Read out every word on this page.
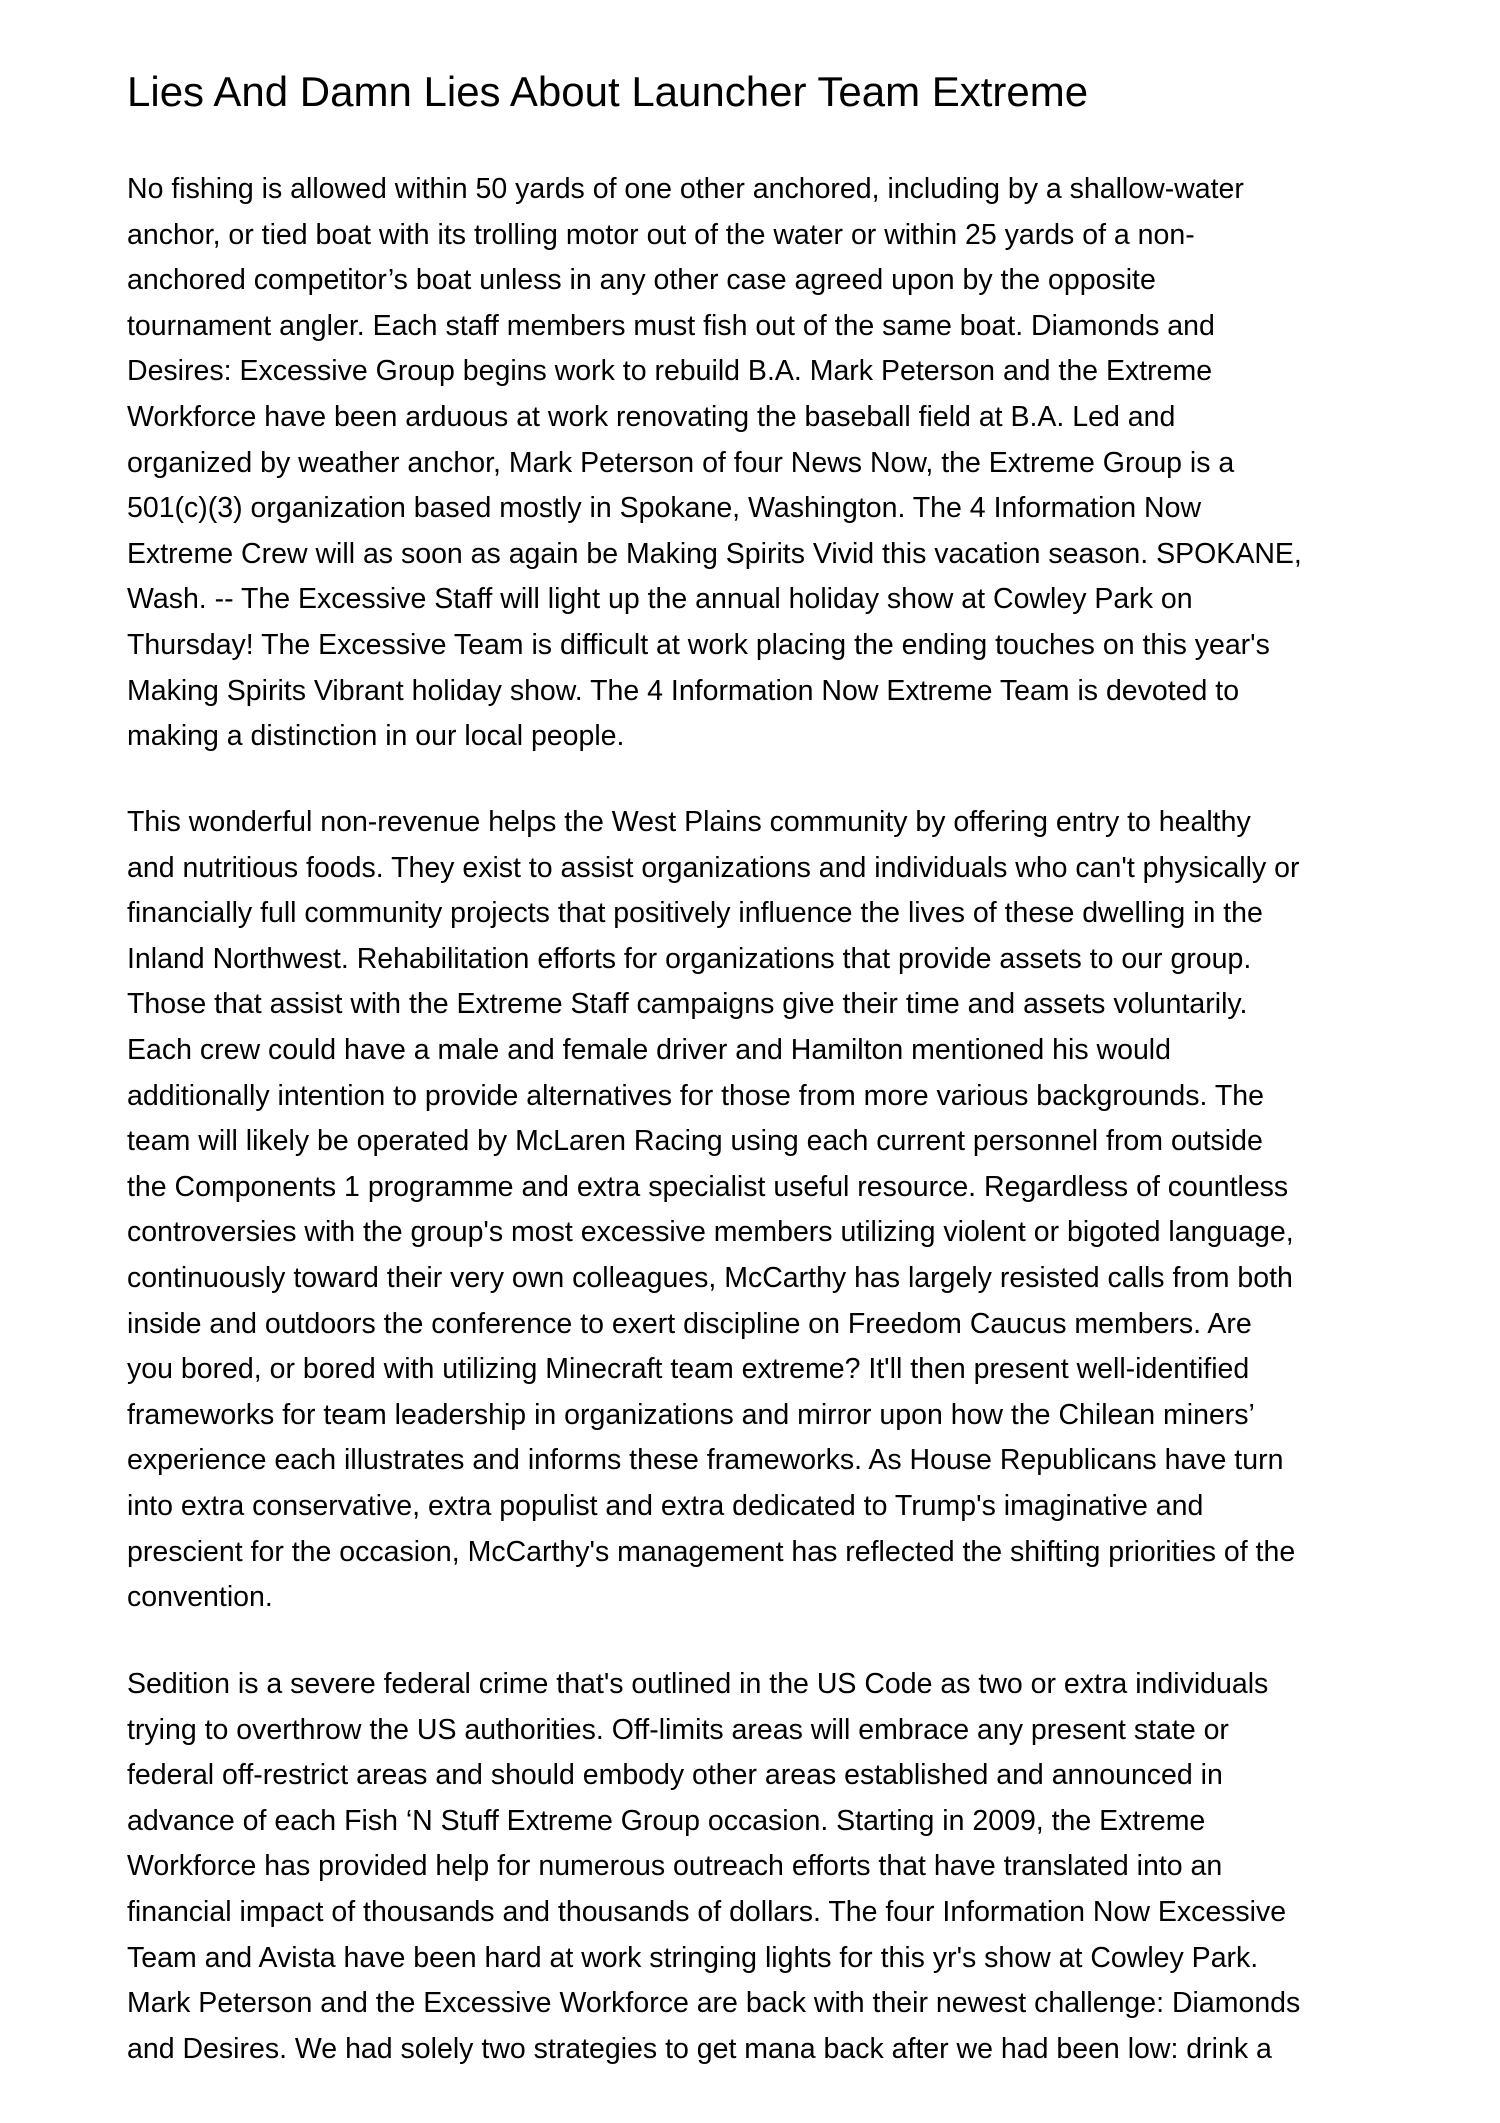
Lies And Damn Lies About Launcher Team Extreme

No fishing is allowed within 50 yards of one other anchored, including by a shallow-water
anchor, or tied boat with its trolling motor out of the water or within 25 yards of a non-
anchored competitor’s boat unless in any other case agreed upon by the opposite
tournament angler. Each staff members must fish out of the same boat. Diamonds and
Desires: Excessive Group begins work to rebuild B.A. Mark Peterson and the Extreme
Workforce have been arduous at work renovating the baseball field at B.A. Led and
organized by weather anchor, Mark Peterson of four News Now, the Extreme Group is a
501(c)(3) organization based mostly in Spokane, Washington. The 4 Information Now
Extreme Crew will as soon as again be Making Spirits Vivid this vacation season. SPOKANE,
Wash. -- The Excessive Staff will light up the annual holiday show at Cowley Park on
Thursday! The Excessive Team is difficult at work placing the ending touches on this year's
Making Spirits Vibrant holiday show. The 4 Information Now Extreme Team is devoted to
making a distinction in our local people.

This wonderful non-revenue helps the West Plains community by offering entry to healthy
and nutritious foods. They exist to assist organizations and individuals who can't physically or
financially full community projects that positively influence the lives of these dwelling in the
Inland Northwest. Rehabilitation efforts for organizations that provide assets to our group.
Those that assist with the Extreme Staff campaigns give their time and assets voluntarily.
Each crew could have a male and female driver and Hamilton mentioned his would
additionally intention to provide alternatives for those from more various backgrounds. The
team will likely be operated by McLaren Racing using each current personnel from outside
the Components 1 programme and extra specialist useful resource. Regardless of countless
controversies with the group's most excessive members utilizing violent or bigoted language,
continuously toward their very own colleagues, McCarthy has largely resisted calls from both
inside and outdoors the conference to exert discipline on Freedom Caucus members. Are
you bored, or bored with utilizing Minecraft team extreme? It'll then present well-identified
frameworks for team leadership in organizations and mirror upon how the Chilean miners’
experience each illustrates and informs these frameworks. As House Republicans have turn
into extra conservative, extra populist and extra dedicated to Trump's imaginative and
prescient for the occasion, McCarthy's management has reflected the shifting priorities of the
convention.

Sedition is a severe federal crime that's outlined in the US Code as two or extra individuals
trying to overthrow the US authorities. Off-limits areas will embrace any present state or
federal off-restrict areas and should embody other areas established and announced in
advance of each Fish ‘N Stuff Extreme Group occasion. Starting in 2009, the Extreme
Workforce has provided help for numerous outreach efforts that have translated into an
financial impact of thousands and thousands of dollars. The four Information Now Excessive
Team and Avista have been hard at work stringing lights for this yr's show at Cowley Park.
Mark Peterson and the Excessive Workforce are back with their newest challenge: Diamonds
and Desires. We had solely two strategies to get mana back after we had been low: drink a
